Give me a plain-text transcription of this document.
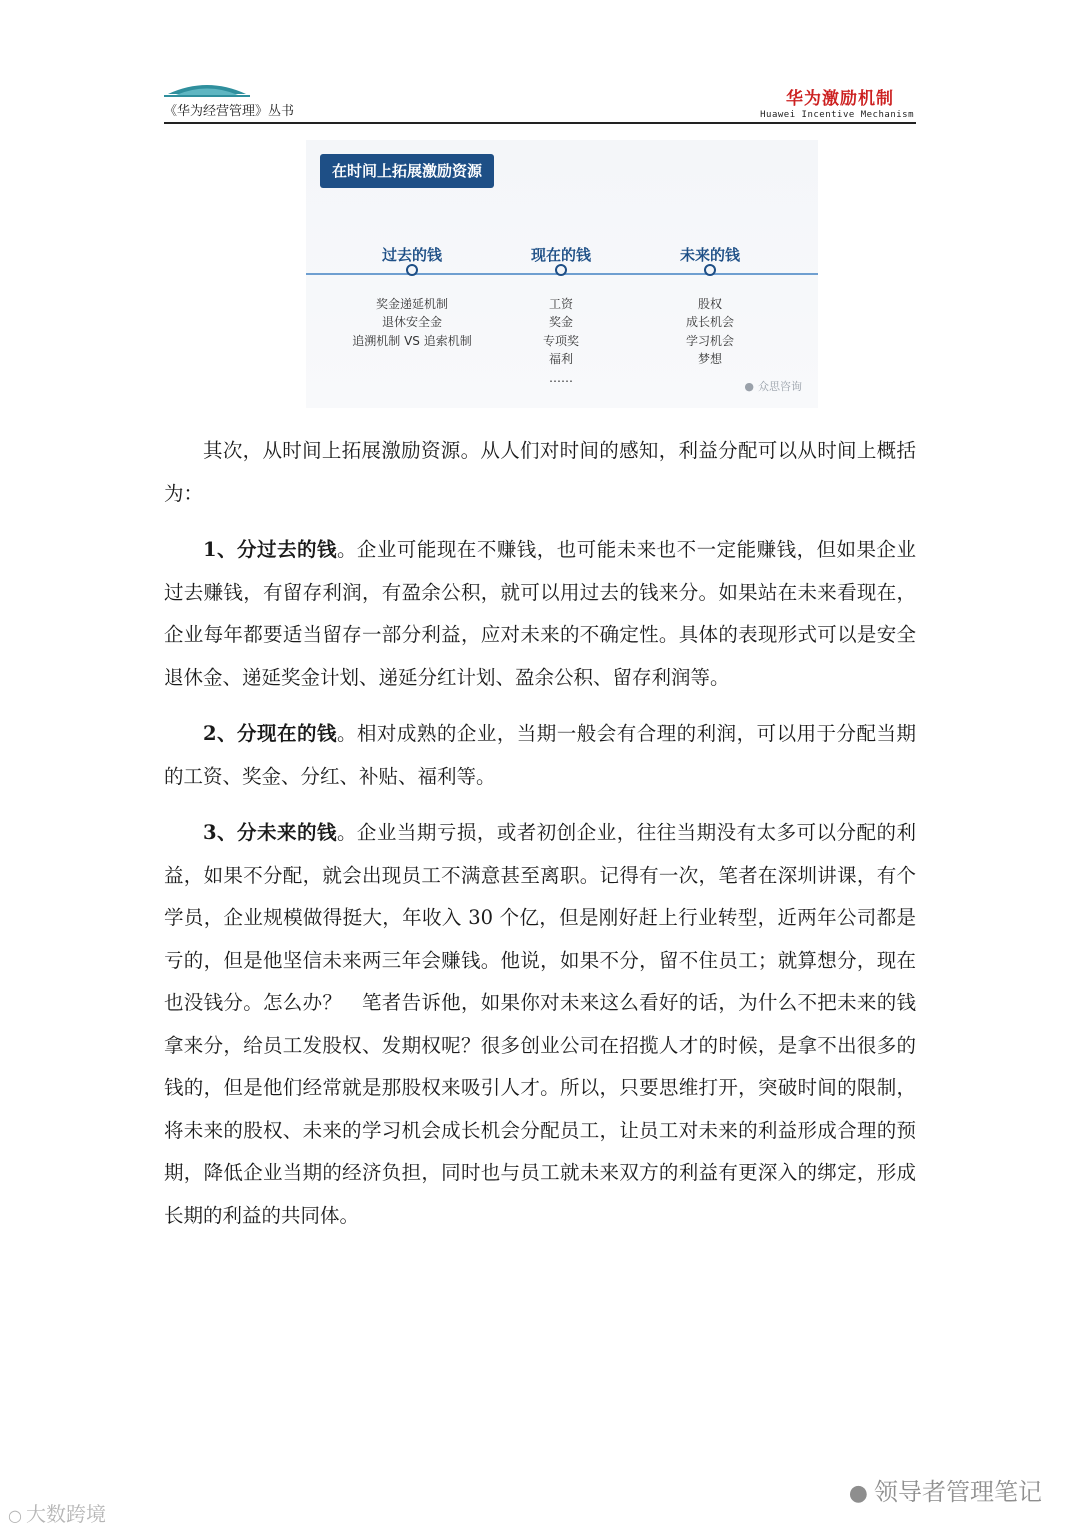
《华为经营管理》丛书
华为激励机制
Huawei Incentive Mechanism
在时间上拓展激励资源
过去的钱
奖金递延机制
退休安全金
追溯机制 VS 追索机制
现在的钱
工资
奖金
专项奖
福利
……
未来的钱
股权
成长机会
学习机会
梦想
● 众思咨询

其次，从时间上拓展激励资源。从人们对时间的感知，利益分配可以从时间上概括为：

1、分过去的钱。企业可能现在不赚钱，也可能未来也不一定能赚钱，但如果企业过去赚钱，有留存利润，有盈余公积，就可以用过去的钱来分。如果站在未来看现在，企业每年都要适当留存一部分利益，应对未来的不确定性。具体的表现形式可以是安全退休金、递延奖金计划、递延分红计划、盈余公积、留存利润等。

2、分现在的钱。相对成熟的企业，当期一般会有合理的利润，可以用于分配当期的工资、奖金、分红、补贴、福利等。

3、分未来的钱。企业当期亏损，或者初创企业，往往当期没有太多可以分配的利益，如果不分配，就会出现员工不满意甚至离职。记得有一次，笔者在深圳讲课，有个学员，企业规模做得挺大，年收入 30 个亿，但是刚好赶上行业转型，近两年公司都是亏的，但是他坚信未来两三年会赚钱。他说，如果不分，留不住员工；就算想分，现在也没钱分。怎么办？　笔者告诉他，如果你对未来这么看好的话，为什么不把未来的钱拿来分，给员工发股权、发期权呢？很多创业公司在招揽人才的时候，是拿不出很多的钱的，但是他们经常就是那股权来吸引人才。所以，只要思维打开，突破时间的限制，将未来的股权、未来的学习机会成长机会分配员工，让员工对未来的利益形成合理的预期，降低企业当期的经济负担，同时也与员工就未来双方的利益有更深入的绑定，形成长期的利益的共同体。

● 领导者管理笔记
○ 大数跨境
